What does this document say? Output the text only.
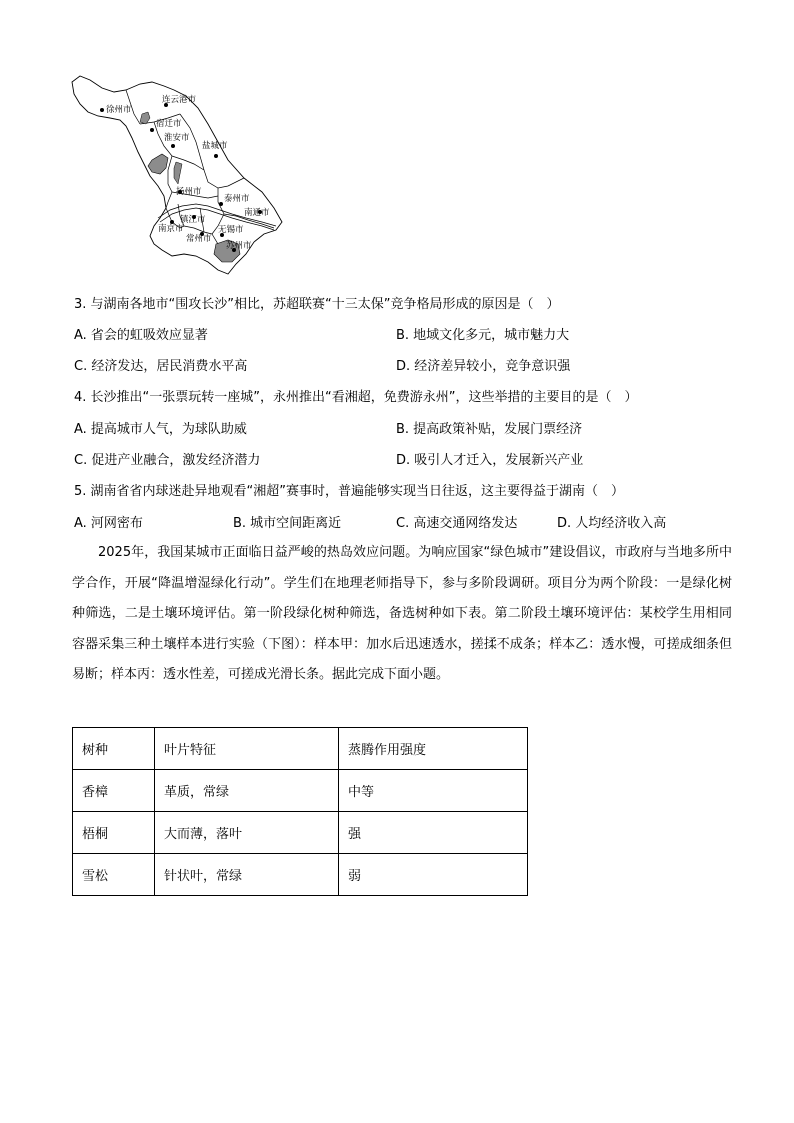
徐州市
连云港市
宿迁市
淮安市
盐城市
扬州市
泰州市
南通市
镇江市
南京市
常州市
无锡市
苏州市
3. 与湖南各地市“围攻长沙”相比，苏超联赛“十三太保”竞争格局形成的原因是（　）
A. 省会的虹吸效应显著	B. 地域文化多元，城市魅力大
C. 经济发达，居民消费水平高	D. 经济差异较小，竞争意识强
4. 长沙推出“一张票玩转一座城”，永州推出“看湘超，免费游永州”，这些举措的主要目的是（　）
A. 提高城市人气，为球队助威	B. 提高政策补贴，发展门票经济
C. 促进产业融合，激发经济潜力	D. 吸引人才迁入，发展新兴产业
5. 湖南省省内球迷赴异地观看“湘超”赛事时，普遍能够实现当日往返，这主要得益于湖南（　）
A. 河网密布	B. 城市空间距离近	C. 高速交通网络发达	D. 人均经济收入高
2025年，我国某城市正面临日益严峻的热岛效应问题。为响应国家“绿色城市”建设倡议，市政府与当地多所中学合作，开展“降温增湿绿化行动”。学生们在地理老师指导下，参与多阶段调研。项目分为两个阶段：一是绿化树种筛选，二是土壤环境评估。第一阶段绿化树种筛选，备选树种如下表。第二阶段土壤环境评估：某校学生用相同容器采集三种土壤样本进行实验（下图）：样本甲：加水后迅速透水，搓揉不成条；样本乙：透水慢，可搓成细条但易断；样本丙：透水性差，可搓成光滑长条。据此完成下面小题。
树种	叶片特征	蒸腾作用强度
香樟	革质，常绿	中等
梧桐	大而薄，落叶	强
雪松	针状叶，常绿	弱
